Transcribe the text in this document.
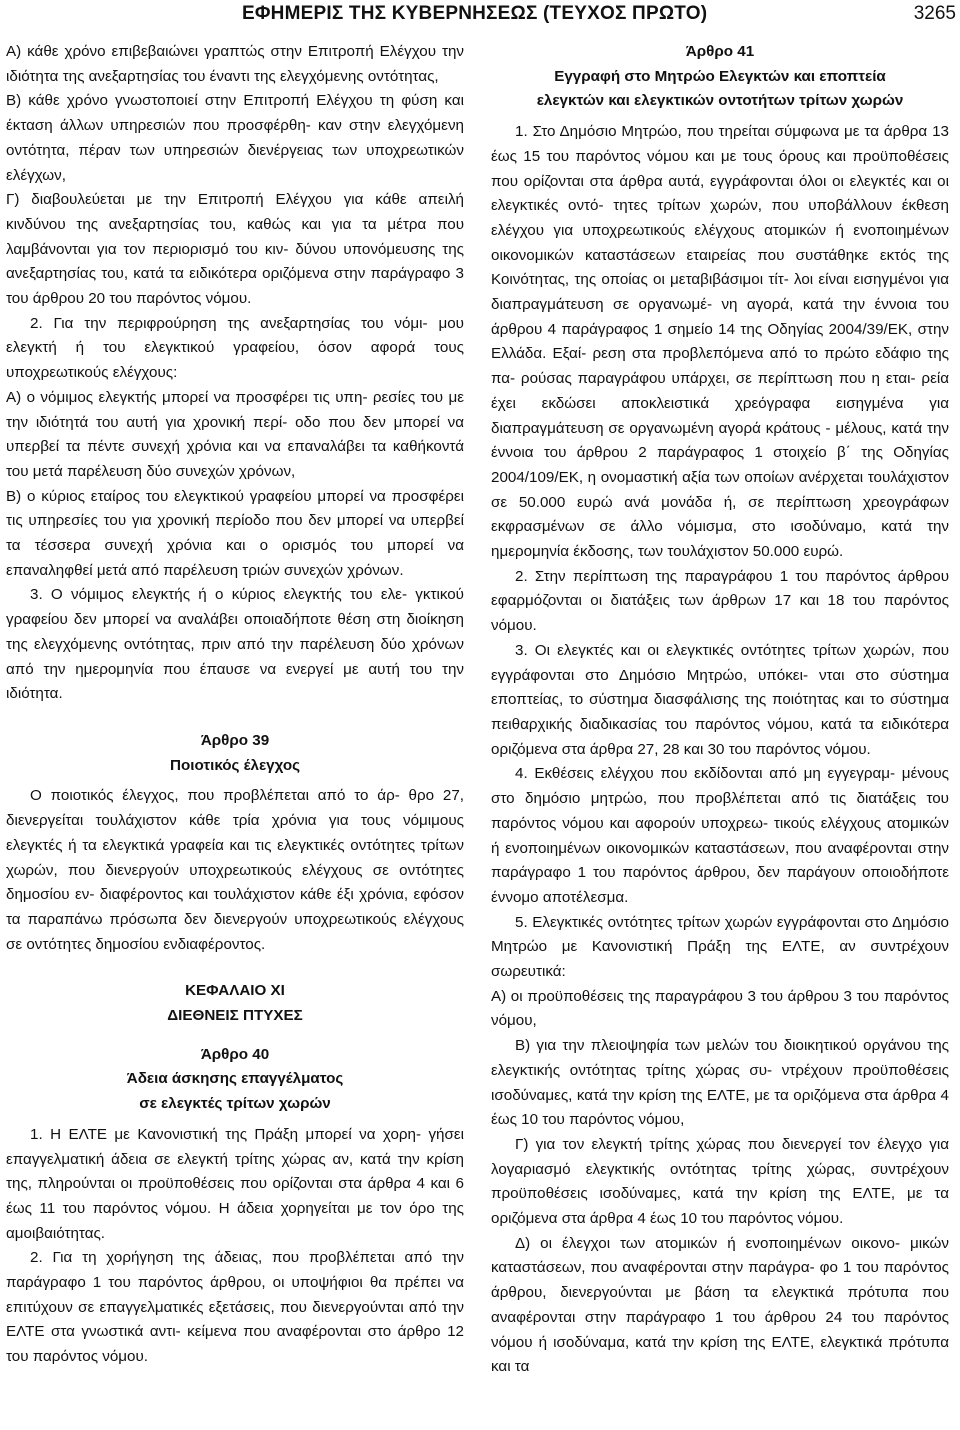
ΕΦΗΜΕΡΙΣ ΤΗΣ ΚΥΒΕΡΝΗΣΕΩΣ (ΤΕΥΧΟΣ ΠΡΩΤΟ)	3265

Α) κάθε χρόνο επιβεβαιώνει γραπτώς στην Επιτροπή Ελέγχου την ιδιότητα της ανεξαρτησίας του έναντι της ελεγχόμενης οντότητας,

Β) κάθε χρόνο γνωστοποιεί στην Επιτροπή Ελέγχου τη φύση και έκταση άλλων υπηρεσιών που προσφέρθη- καν στην ελεγχόμενη οντότητα, πέραν των υπηρεσιών διενέργειας των υποχρεωτικών ελέγχων,

Γ) διαβουλεύεται με την Επιτροπή Ελέγχου για κάθε απειλή κινδύνου της ανεξαρτησίας του, καθώς και για τα μέτρα που λαμβάνονται για τον περιορισμό του κιν- δύνου υπονόμευσης της ανεξαρτησίας του, κατά τα ειδικότερα οριζόμενα στην παράγραφο 3 του άρθρου 20 του παρόντος νόμου.

2. Για την περιφρούρηση της ανεξαρτησίας του νόμι- μου ελεγκτή ή του ελεγκτικού γραφείου, όσον αφορά τους υποχρεωτικούς ελέγχους:

Α) ο νόμιμος ελεγκτής μπορεί να προσφέρει τις υπη- ρεσίες του με την ιδιότητά του αυτή για χρονική περί- οδο που δεν μπορεί να υπερβεί τα πέντε συνεχή χρόνια και να επαναλάβει τα καθήκοντά του μετά παρέλευση δύο συνεχών χρόνων,

Β) ο κύριος εταίρος του ελεγκτικού γραφείου μπορεί να προσφέρει τις υπηρεσίες του για χρονική περίοδο που δεν μπορεί να υπερβεί τα τέσσερα συνεχή χρόνια και ο ορισμός του μπορεί να επαναληφθεί μετά από παρέλευση τριών συνεχών χρόνων.

3. Ο νόμιμος ελεγκτής ή ο κύριος ελεγκτής του ελε- γκτικού γραφείου δεν μπορεί να αναλάβει οποιαδήποτε θέση στη διοίκηση της ελεγχόμενης οντότητας, πριν από την παρέλευση δύο χρόνων από την ημερομηνία που έπαυσε να ενεργεί με αυτή του την ιδιότητα.

Άρθρο 39

Ποιοτικός έλεγχος

Ο ποιοτικός έλεγχος, που προβλέπεται από το άρ- θρο 27, διενεργείται τουλάχιστον κάθε τρία χρόνια για τους νόμιμους ελεγκτές ή τα ελεγκτικά γραφεία και τις ελεγκτικές οντότητες τρίτων χωρών, που διενεργούν υποχρεωτικούς ελέγχους σε οντότητες δημοσίου εν- διαφέροντος και τουλάχιστον κάθε έξι χρόνια, εφόσον τα παραπάνω πρόσωπα δεν διενεργούν υποχρεωτικούς ελέγχους σε οντότητες δημοσίου ενδιαφέροντος.

ΚΕΦΑΛΑΙΟ ΧΙ

ΔΙΕΘΝΕΙΣ ΠΤΥΧΕΣ

Άρθρο 40

Άδεια άσκησης επαγγέλματος

σε ελεγκτές τρίτων χωρών

1. Η ΕΛΤΕ με Κανονιστική της Πράξη μπορεί να χορη- γήσει επαγγελματική άδεια σε ελεγκτή τρίτης χώρας αν, κατά την κρίση της, πληρούνται οι προϋποθέσεις που ορίζονται στα άρθρα 4 και 6 έως 11 του παρόντος νόμου. Η άδεια χορηγείται με τον όρο της αμοιβαιότητας.

2. Για τη χορήγηση της άδειας, που προβλέπεται από την παράγραφο 1 του παρόντος άρθρου, οι υποψήφιοι θα πρέπει να επιτύχουν σε επαγγελματικές εξετάσεις, που διενεργούνται από την ΕΛΤΕ στα γνωστικά αντι- κείμενα που αναφέρονται στο άρθρο 12 του παρόντος νόμου.

Άρθρο 41

Εγγραφή στο Μητρώο Ελεγκτών και εποπτεία

ελεγκτών και ελεγκτικών οντοτήτων τρίτων χωρών

1. Στο Δημόσιο Μητρώο, που τηρείται σύμφωνα με τα άρθρα 13 έως 15 του παρόντος νόμου και με τους όρους και προϋποθέσεις που ορίζονται στα άρθρα αυτά, εγγράφονται όλοι οι ελεγκτές και οι ελεγκτικές οντό- τητες τρίτων χωρών, που υποβάλλουν έκθεση ελέγχου για υποχρεωτικούς ελέγχους ατομικών ή ενοποιημένων οικονομικών καταστάσεων εταιρείας που συστάθηκε εκτός της Κοινότητας, της οποίας οι μεταβιβάσιμοι τίτ- λοι είναι εισηγμένοι για διαπραγμάτευση σε οργανωμέ- νη αγορά, κατά την έννοια του άρθρου 4 παράγραφος 1 σημείο 14 της Οδηγίας 2004/39/ΕΚ, στην Ελλάδα. Εξαί- ρεση στα προβλεπόμενα από το πρώτο εδάφιο της πα- ρούσας παραγράφου υπάρχει, σε περίπτωση που η εται- ρεία έχει εκδώσει αποκλειστικά χρεόγραφα εισηγμένα για διαπραγμάτευση σε οργανωμένη αγορά κράτους - μέλους, κατά την έννοια του άρθρου 2 παράγραφος 1 στοιχείο β΄ της Οδηγίας 2004/109/ΕΚ, η ονομαστική αξία των οποίων ανέρχεται τουλάχιστον σε 50.000 ευρώ ανά μονάδα ή, σε περίπτωση χρεογράφων εκφρασμένων σε άλλο νόμισμα, στο ισοδύναμο, κατά την ημερομηνία έκδοσης, των τουλάχιστον 50.000 ευρώ.

2. Στην περίπτωση της παραγράφου 1 του παρόντος άρθρου εφαρμόζονται οι διατάξεις των άρθρων 17 και 18 του παρόντος νόμου.

3. Οι ελεγκτές και οι ελεγκτικές οντότητες τρίτων χωρών, που εγγράφονται στο Δημόσιο Μητρώο, υπόκει- νται στο σύστημα εποπτείας, το σύστημα διασφάλισης της ποιότητας και το σύστημα πειθαρχικής διαδικασίας του παρόντος νόμου, κατά τα ειδικότερα οριζόμενα στα άρθρα 27, 28 και 30 του παρόντος νόμου.

4. Εκθέσεις ελέγχου που εκδίδονται από μη εγγεγραμ- μένους στο δημόσιο μητρώο, που προβλέπεται από τις διατάξεις του παρόντος νόμου και αφορούν υποχρεω- τικούς ελέγχους ατομικών ή ενοποιημένων οικονομικών καταστάσεων, που αναφέρονται στην παράγραφο 1 του παρόντος άρθρου, δεν παράγουν οποιοδήποτε έννομο αποτέλεσμα.

5. Ελεγκτικές οντότητες τρίτων χωρών εγγράφονται στο Δημόσιο Μητρώο με Κανονιστική Πράξη της ΕΛΤΕ, αν συντρέχουν σωρευτικά:

Α) οι προϋποθέσεις της παραγράφου 3 του άρθρου 3 του παρόντος νόμου,

Β) για την πλειοψηφία των μελών του διοικητικού οργάνου της ελεγκτικής οντότητας τρίτης χώρας συ- ντρέχουν προϋποθέσεις ισοδύναμες, κατά την κρίση της ΕΛΤΕ, με τα οριζόμενα στα άρθρα 4 έως 10 του παρόντος νόμου,

Γ) για τον ελεγκτή τρίτης χώρας που διενεργεί τον έλεγχο για λογαριασμό ελεγκτικής οντότητας τρίτης χώρας, συντρέχουν προϋποθέσεις ισοδύναμες, κατά την κρίση της ΕΛΤΕ, με τα οριζόμενα στα άρθρα 4 έως 10 του παρόντος νόμου.

Δ) οι έλεγχοι των ατομικών ή ενοποιημένων οικονο- μικών καταστάσεων, που αναφέρονται στην παράγρα- φο 1 του παρόντος άρθρου, διενεργούνται με βάση τα ελεγκτικά πρότυπα που αναφέρονται στην παράγραφο 1 του άρθρου 24 του παρόντος νόμου ή ισοδύναμα, κατά την κρίση της ΕΛΤΕ, ελεγκτικά πρότυπα και τα
